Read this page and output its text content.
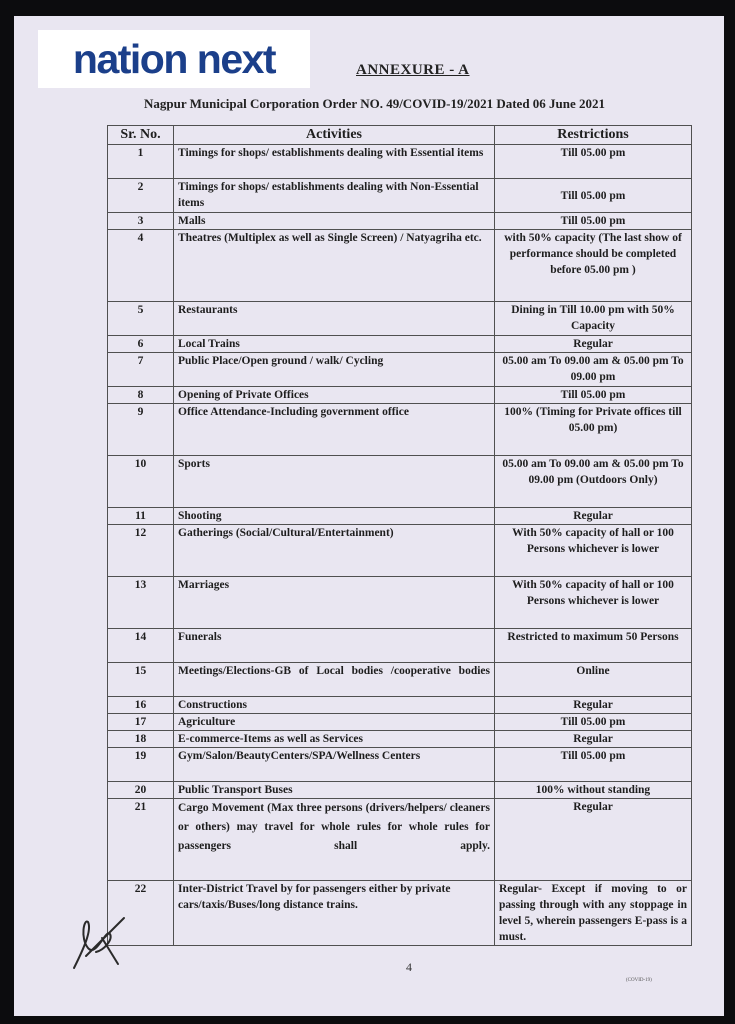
nation next	ANNEXURE - A
Nagpur Municipal Corporation Order NO. 49/COVID-19/2021 Dated 06 June 2021
Sr. No.	Activities	Restrictions
1	Timings for shops/ establishments dealing with Essential items	Till 05.00 pm
2	Timings for shops/ establishments dealing with Non-Essential items	Till 05.00 pm
3	Malls	Till 05.00 pm
4	Theatres (Multiplex as well as Single Screen) / Natyagriha etc.	with 50% capacity (The last show of performance should be completed before 05.00 pm )
5	Restaurants	Dining in Till 10.00 pm with 50% Capacity
6	Local Trains	Regular
7	Public Place/Open ground / walk/ Cycling	05.00 am To 09.00 am & 05.00 pm To 09.00 pm
8	Opening of Private Offices	Till 05.00 pm
9	Office Attendance-Including government office	100% (Timing for Private offices till 05.00 pm)
10	Sports	05.00 am To 09.00 am & 05.00 pm To 09.00 pm (Outdoors Only)
11	Shooting	Regular
12	Gatherings (Social/Cultural/Entertainment)	With 50% capacity of hall or 100 Persons whichever is lower
13	Marriages	With 50% capacity of hall or 100 Persons whichever is lower
14	Funerals	Restricted to maximum 50 Persons
15	Meetings/Elections-GB of Local bodies /cooperative bodies	Online
16	Constructions	Regular
17	Agriculture	Till 05.00 pm
18	E-commerce-Items as well as Services	Regular
19	Gym/Salon/BeautyCenters/SPA/Wellness Centers	Till 05.00 pm
20	Public Transport Buses	100% without standing
21	Cargo Movement (Max three persons (drivers/helpers/ cleaners or others) may travel for whole rules for whole rules for passengers shall apply.	Regular
22	Inter-District Travel by for passengers either by private cars/taxis/Buses/long distance trains.	Regular- Except if moving to or passing through with any stoppage in level 5, wherein passengers E-pass is a must.
4
(COVID-19)
